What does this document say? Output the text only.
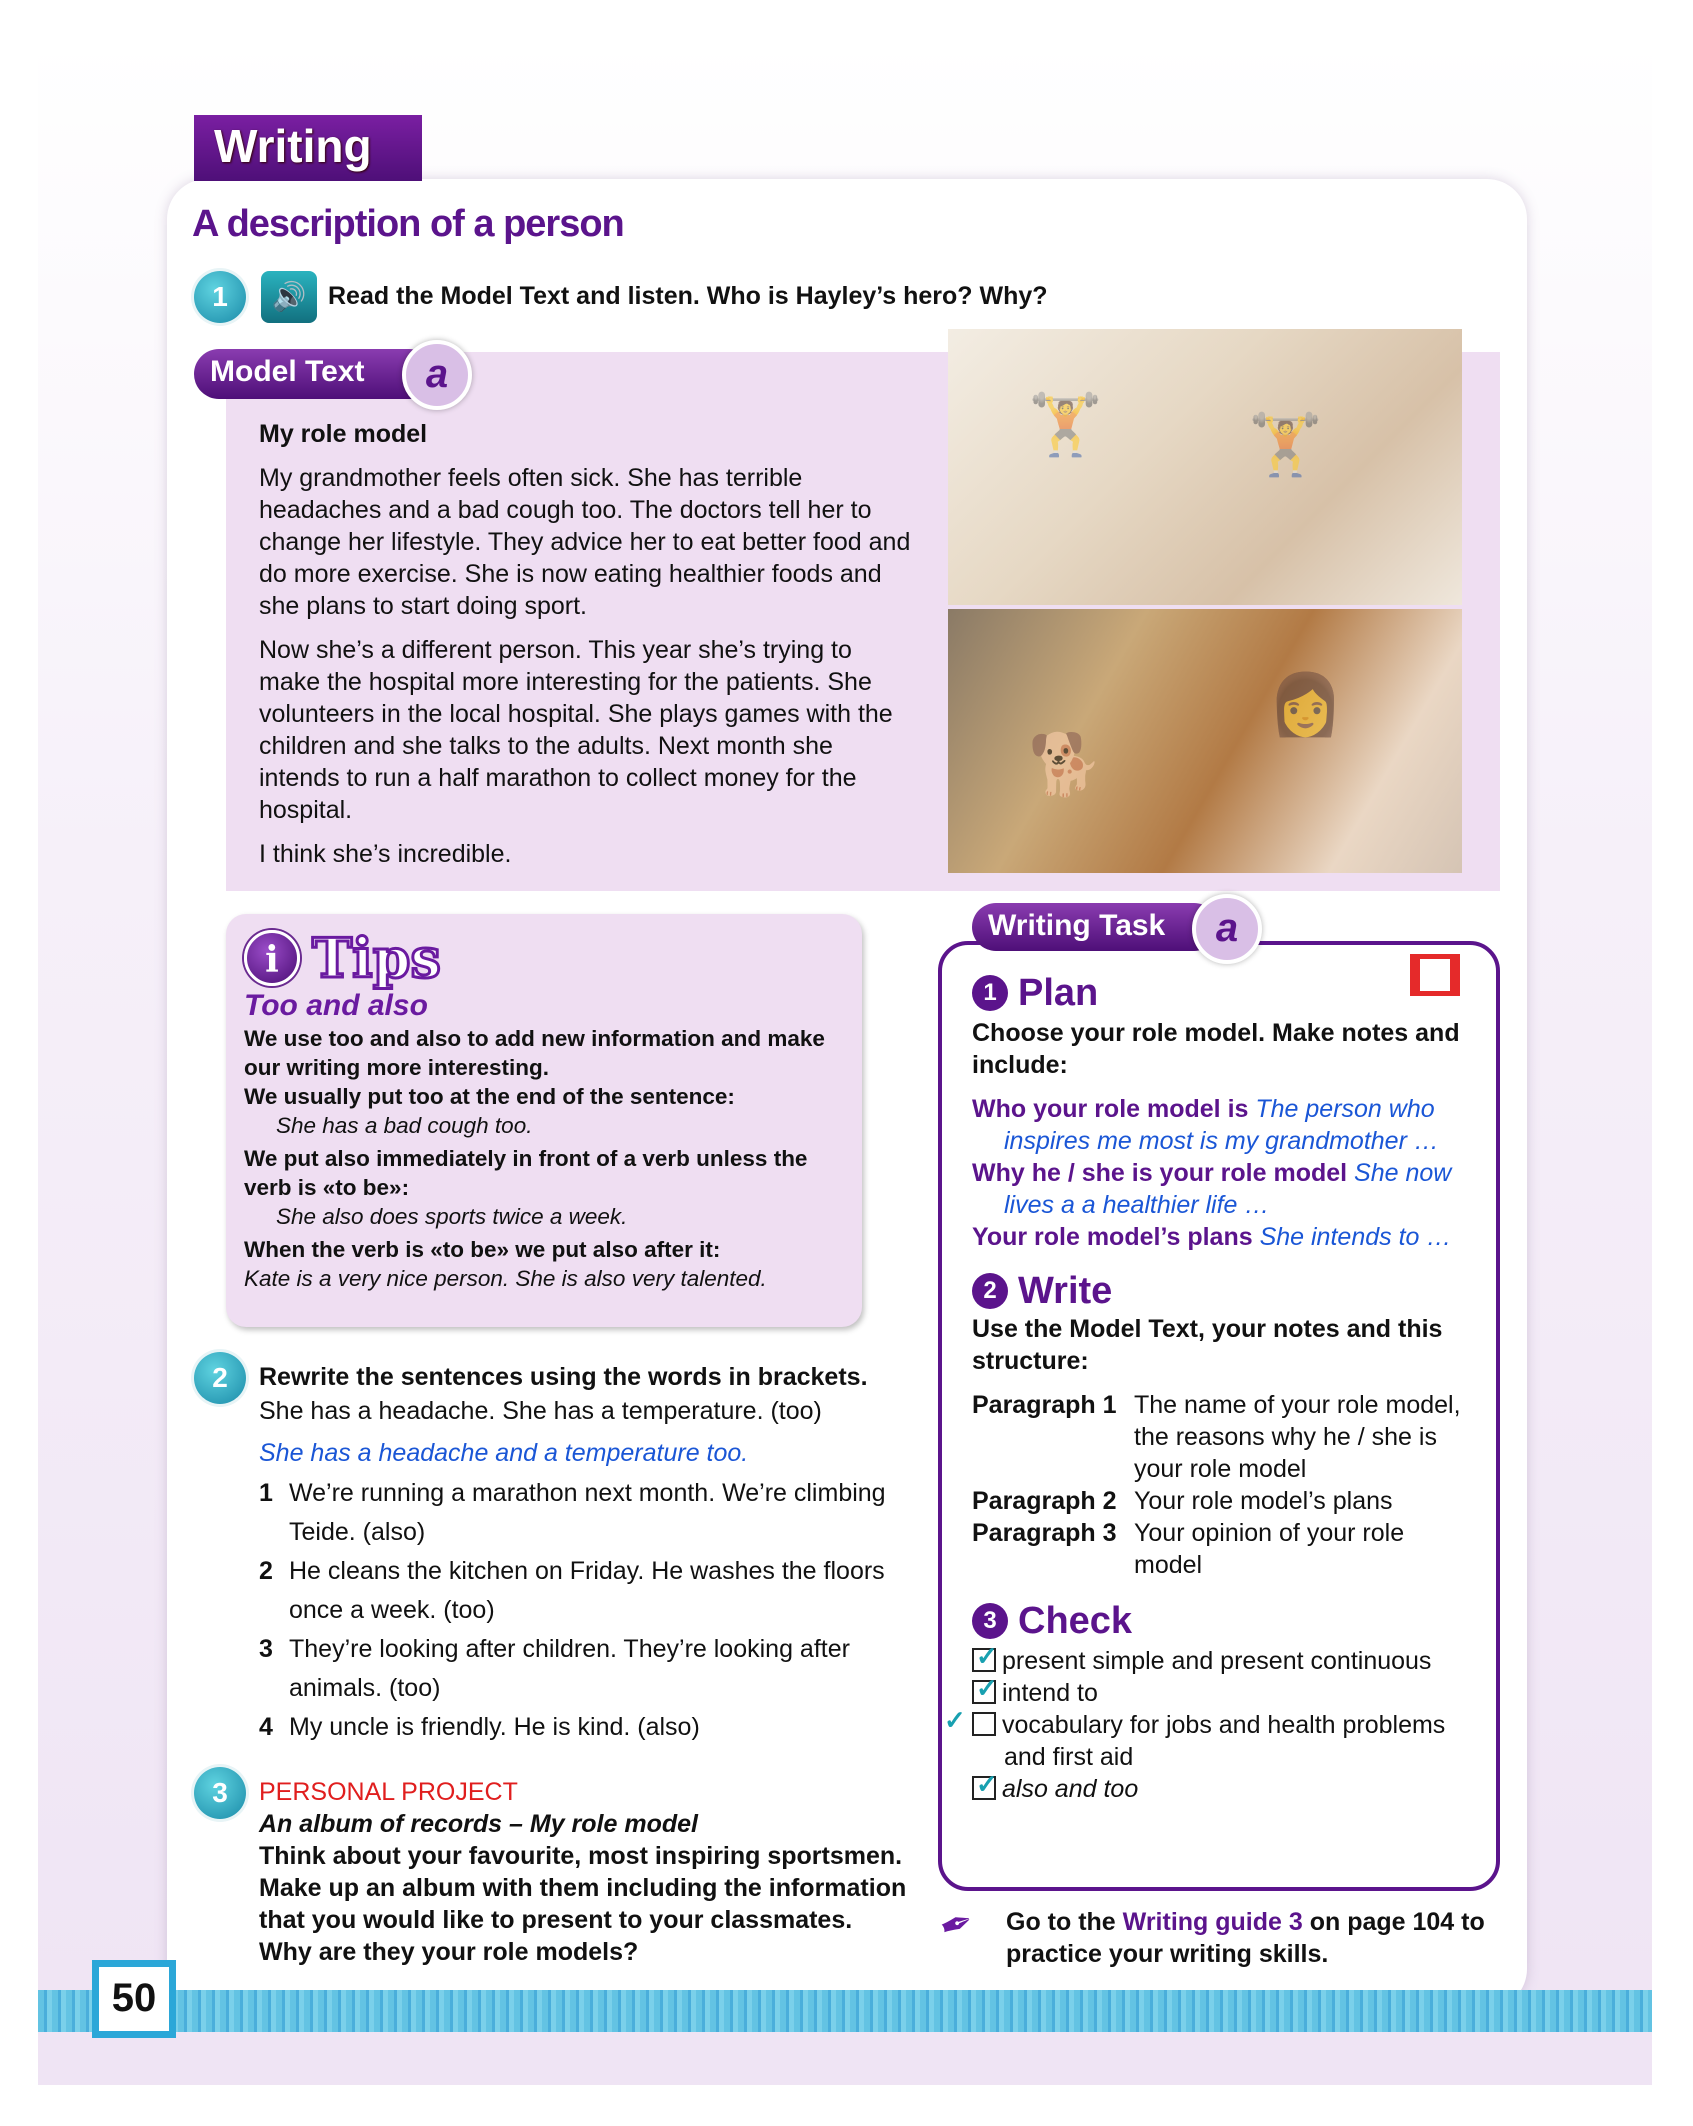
Writing
A description of a person
1	🔊 Read the Model Text and listen. Who is Hayley’s hero? Why?
Model Text	a

My role model

My grandmother feels often sick. She has terrible headaches and a bad cough too. The doctors tell her to change her lifestyle. They advice her to eat better food and do more exercise. She is now eating healthier foods and she plans to start doing sport.

Now she’s a different person. This year she’s trying to make the hospital more interesting for the patients. She volunteers in the local hospital. She plays games with the children and she talks to the adults. Next month she intends to run a half marathon to collect money for the hospital.

I think she’s incredible.

🏋 🏋
🐕
👩
i Tips
Too and also
We use too and also to add new information and make our writing more interesting.
We usually put too at the end of the sentence:
She has a bad cough too.
We put also immediately in front of a verb unless the verb is «to be»:
She also does sports twice a week.
When the verb is «to be» we put also after it:
Kate is a very nice person. She is also very talented.
2	Rewrite the sentences using the words in brackets.
She has a headache. She has a temperature. (too)
She has a headache and a temperature too.
1 We’re running a marathon next month. We’re climbing Teide. (also)
2 He cleans the kitchen on Friday. He washes the floors once a week. (too)
3 They’re looking after children. They’re looking after animals. (too)
4 My uncle is friendly. He is kind. (also)
3	PERSONAL PROJECT
An album of records – My role model
Think about your favourite, most inspiring sportsmen. Make up an album with them including the information that you would like to present to your classmates. Why are they your role models?
1 Plan
Choose your role model. Make notes and include:
Who your role model is The person who inspires me most is my grandmother …
Why he / she is your role model She now lives a a healthier life …
Your role model’s plans She intends to …
2 Write
Use the Model Text, your notes and this structure:
Paragraph 1 The name of your role model, the reasons why he / she is your role model
Paragraph 2 Your role model’s plans
Paragraph 3 Your opinion of your role model
3 Check
✓present simple and present continuous
✓intend to
✓vocabulary for jobs and health problems and first aid
✓also and too
Writing Task	a
✒ Go to the Writing guide 3 on page 104 to practice your writing skills.
50
